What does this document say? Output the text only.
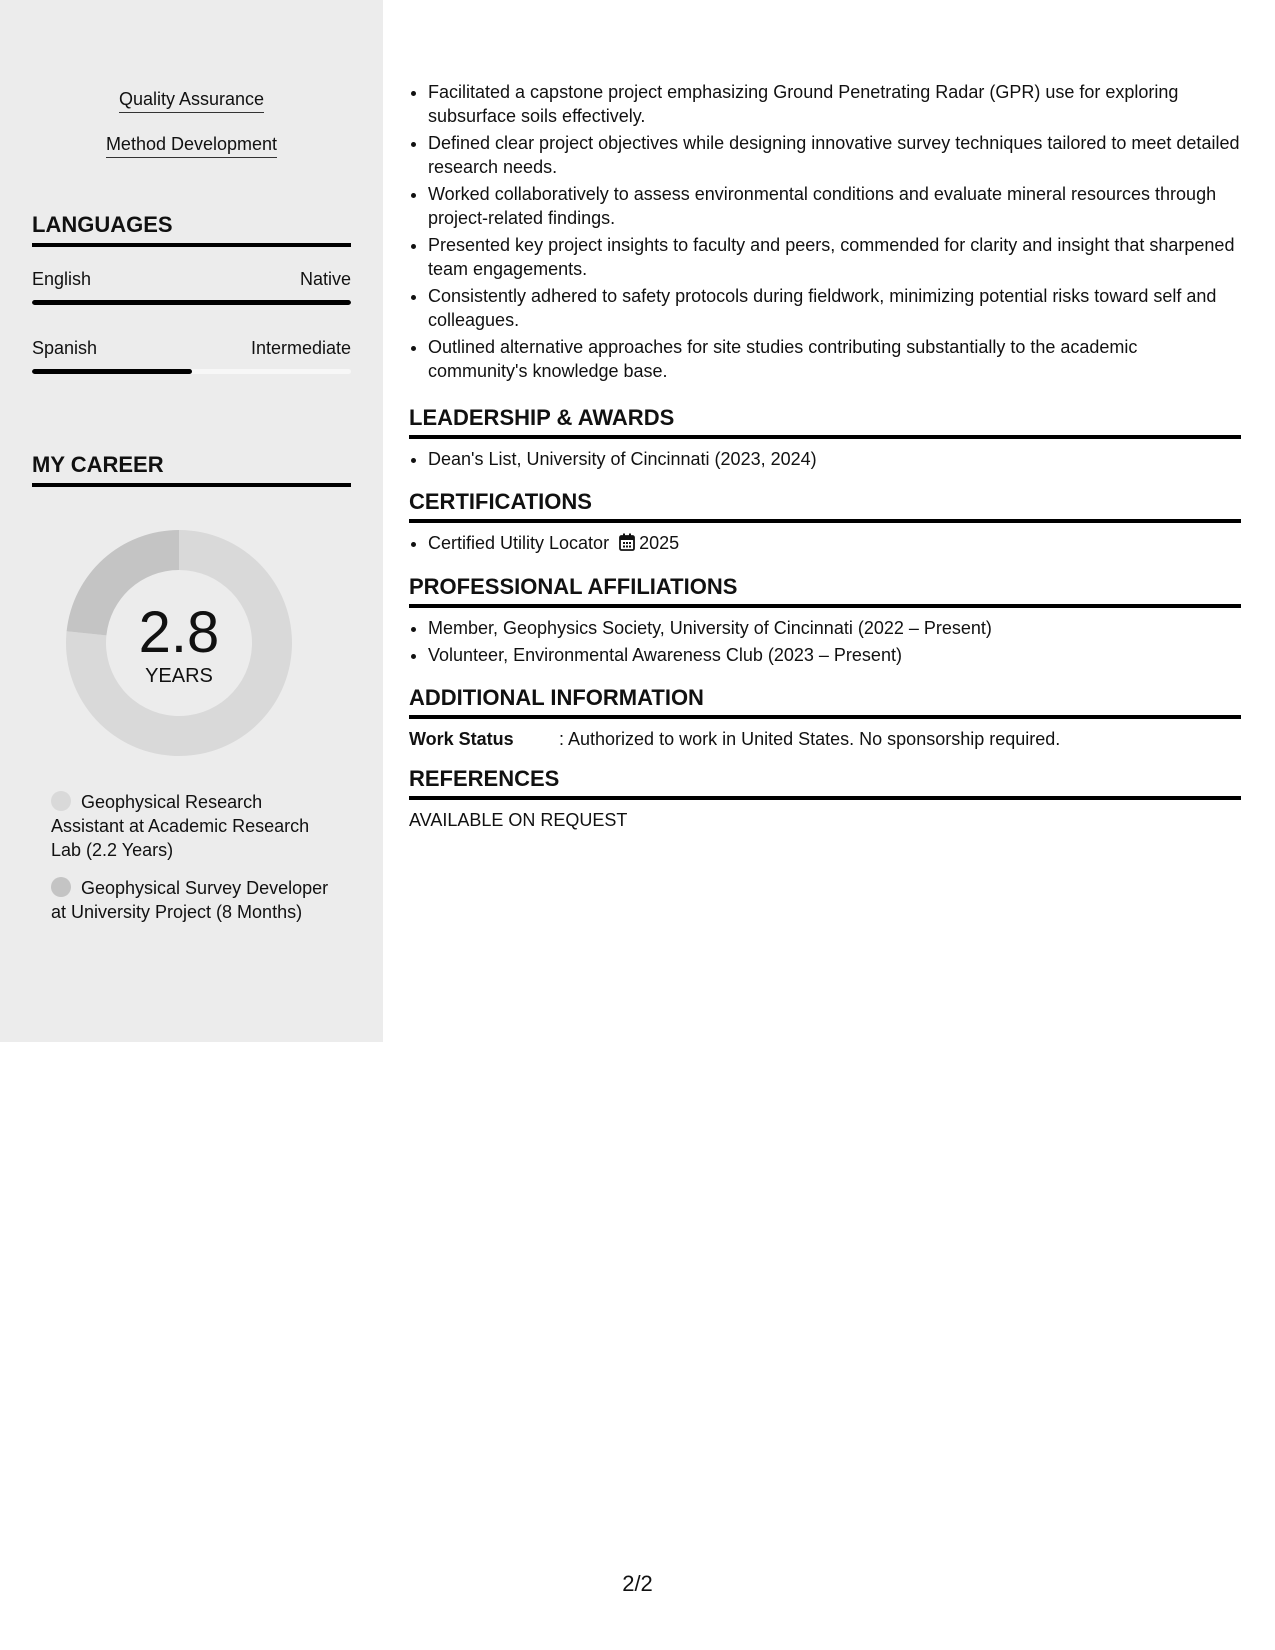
Quality Assurance
Method Development
LANGUAGES
English	Native
Spanish	Intermediate
MY CAREER
2.8
YEARS
Geophysical Research Assistant at Academic Research Lab (2.2 Years)
Geophysical Survey Developer at University Project (8 Months)
• Facilitated a capstone project emphasizing Ground Penetrating Radar (GPR) use for exploring subsurface soils effectively.
• Defined clear project objectives while designing innovative survey techniques tailored to meet detailed research needs.
• Worked collaboratively to assess environmental conditions and evaluate mineral resources through project-related findings.
• Presented key project insights to faculty and peers, commended for clarity and insight that sharpened team engagements.
• Consistently adhered to safety protocols during fieldwork, minimizing potential risks toward self and colleagues.
• Outlined alternative approaches for site studies contributing substantially to the academic community's knowledge base.
LEADERSHIP & AWARDS
• Dean's List, University of Cincinnati (2023, 2024)
CERTIFICATIONS
• Certified Utility Locator 2025
PROFESSIONAL AFFILIATIONS
• Member, Geophysics Society, University of Cincinnati (2022 – Present)
• Volunteer, Environmental Awareness Club (2023 – Present)
ADDITIONAL INFORMATION
Work Status	: Authorized to work in United States. No sponsorship required.
REFERENCES
AVAILABLE ON REQUEST
2/2
